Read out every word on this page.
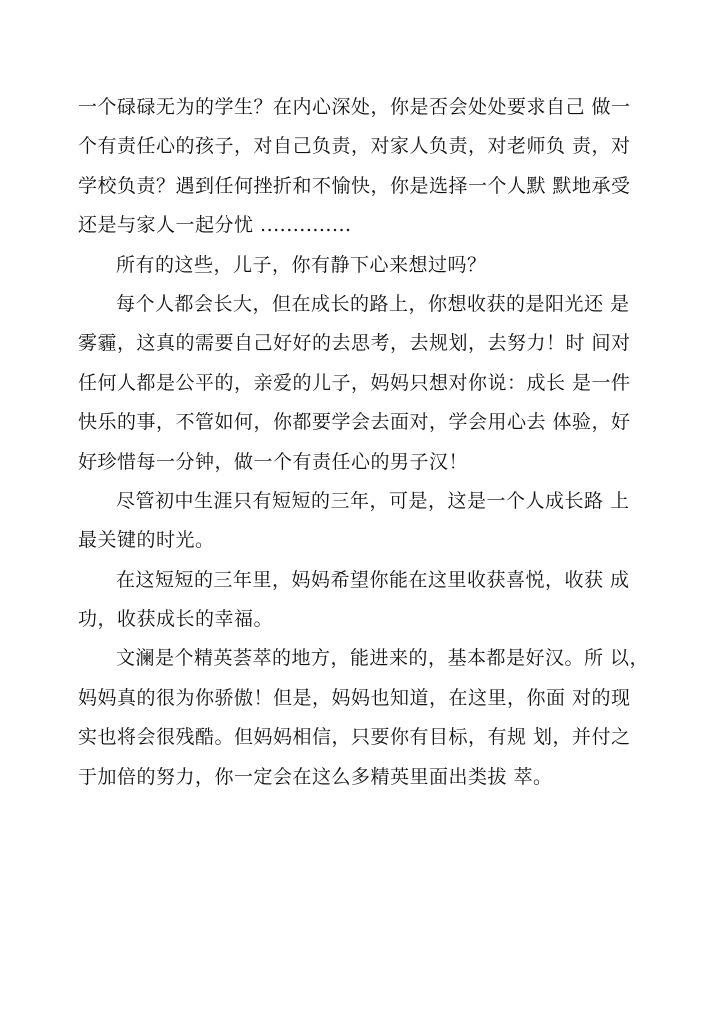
一个碌碌无为的学生？在内心深处，你是否会处处要求自己 做一
个有责任心的孩子，对自己负责，对家人负责，对老师负 责，对
学校负责？遇到任何挫折和不愉快，你是选择一个人默 默地承受
还是与家人一起分忧 ..............
所有的这些，儿子，你有静下心来想过吗？
每个人都会长大，但在成长的路上，你想收获的是阳光还 是
雾霾，这真的需要自己好好的去思考，去规划，去努力！时 间对
任何人都是公平的，亲爱的儿子，妈妈只想对你说：成长 是一件
快乐的事，不管如何，你都要学会去面对，学会用心去 体验，好
好珍惜每一分钟，做一个有责任心的男子汉！
尽管初中生涯只有短短的三年，可是，这是一个人成长路 上
最关键的时光。
在这短短的三年里，妈妈希望你能在这里收获喜悦，收获 成
功，收获成长的幸福。
文澜是个精英荟萃的地方，能进来的，基本都是好汉。所 以，
妈妈真的很为你骄傲！但是，妈妈也知道，在这里，你面 对的现
实也将会很残酷。但妈妈相信，只要你有目标，有规 划，并付之
于加倍的努力，你一定会在这么多精英里面出类拔 萃。
